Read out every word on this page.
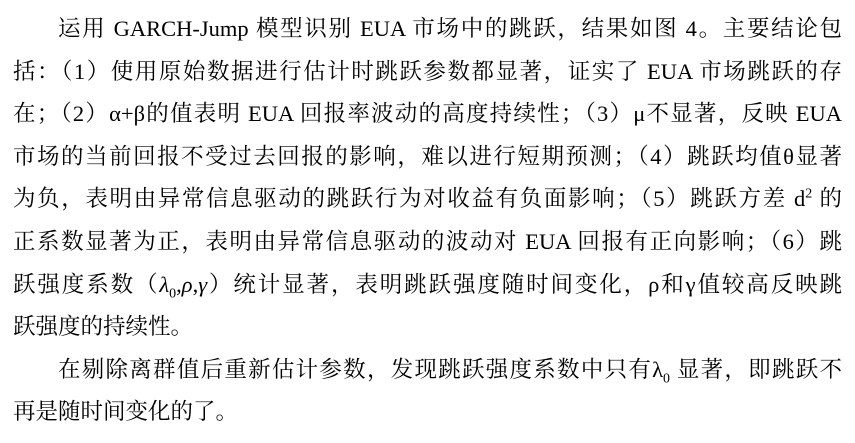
运用 GARCH-Jump 模型识别 EUA 市场中的跳跃，结果如图 4。主要结论包
括：（1）使用原始数据进行估计时跳跃参数都显著，证实了 EUA 市场跳跃的存
在；（2）α+β的值表明 EUA 回报率波动的高度持续性；（3）μ不显著，反映 EUA
市场的当前回报不受过去回报的影响，难以进行短期预测；（4）跳跃均值θ显著
为负，表明由异常信息驱动的跳跃行为对收益有负面影响；（5）跳跃方差 $d^2$ 的
正系数显著为正，表明由异常信息驱动的波动对 EUA 回报有正向影响；（6）跳
跃强度系数$(\lambda_0,\rho,\gamma)$统计显著，表明跳跃强度随时间变化，ρ和γ值较高反映跳
跃强度的持续性。
在剔除离群值后重新估计参数，发现跳跃强度系数中只有$\lambda_0$ 显著，即跳跃不
再是随时间变化的了。
